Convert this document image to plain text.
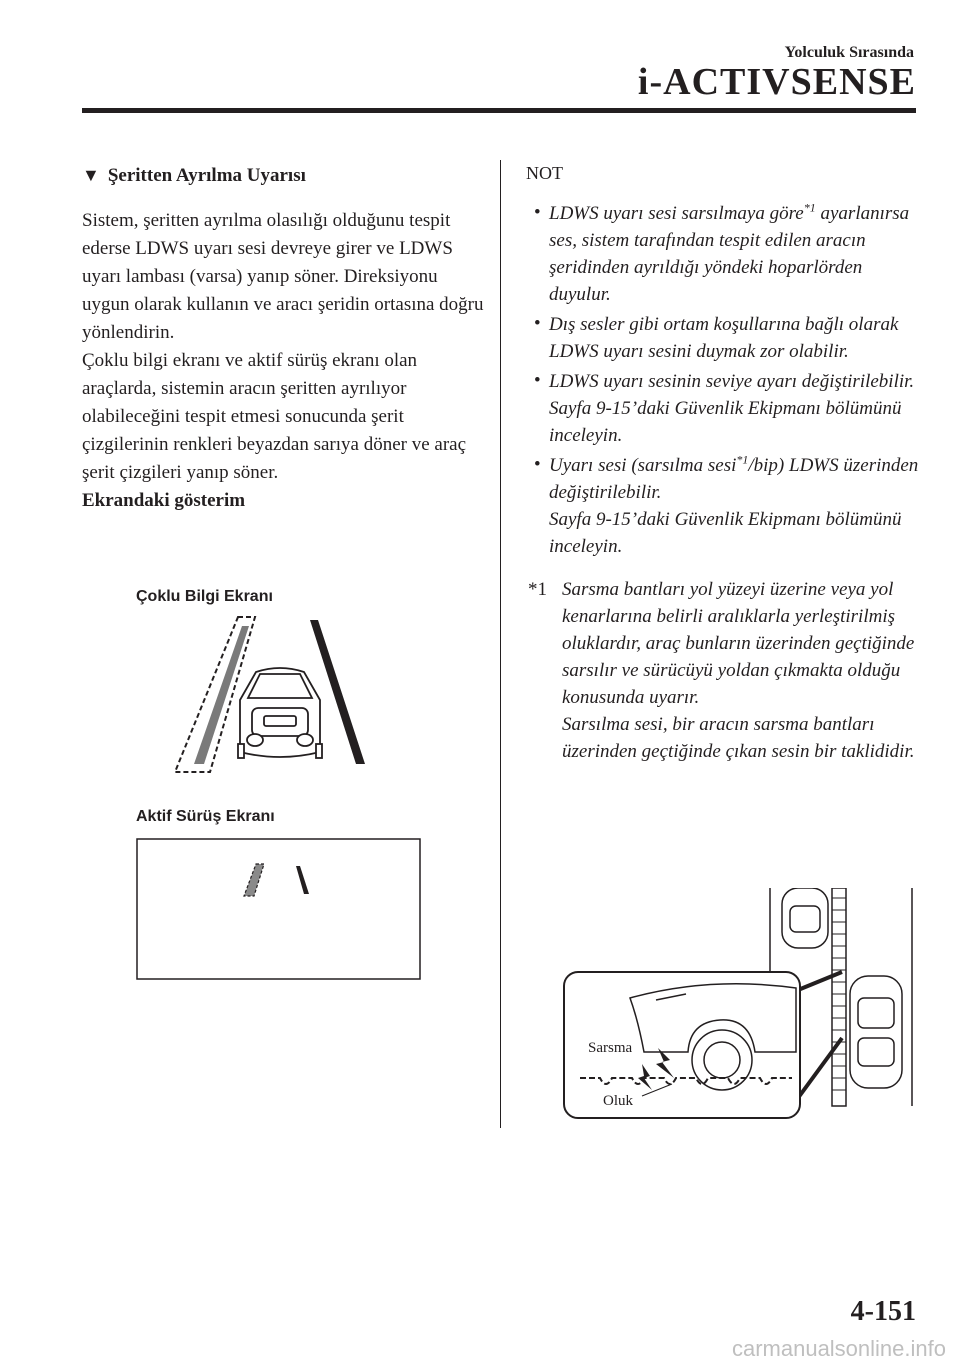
Yolculuk Sırasında
i-ACTIVSENSE

▼ Şeritten Ayrılma Uyarısı

Sistem, şeritten ayrılma olasılığı olduğunu tespit ederse LDWS uyarı sesi devreye girer ve LDWS uyarı lambası (varsa) yanıp söner. Direksiyonu uygun olarak kullanın ve aracı şeridin ortasına doğru yönlendirin.

Çoklu bilgi ekranı ve aktif sürüş ekranı olan araçlarda, sistemin aracın şeritten ayrılıyor olabileceğini tespit etmesi sonucunda şerit çizgilerinin renkleri beyazdan sarıya döner ve araç şerit çizgileri yanıp söner.

Ekrandaki gösterim

Çoklu Bilgi Ekranı
Aktif Sürüş Ekranı

NOT

• LDWS uyarı sesi sarsılmaya göre$^{*1}$ ayarlanırsa ses, sistem tarafından tespit edilen aracın şeridinden ayrıldığı yöndeki hoparlörden duyulur.
• Dış sesler gibi ortam koşullarına bağlı olarak LDWS uyarı sesini duymak zor olabilir.
• LDWS uyarı sesinin seviye ayarı değiştirilebilir.
Sayfa 9-15’daki Güvenlik Ekipmanı bölümünü inceleyin.
• Uyarı sesi (sarsılma sesi$^{*1}$/bip) LDWS üzerinden değiştirilebilir.
Sayfa 9-15’daki Güvenlik Ekipmanı bölümünü inceleyin.
*1 Sarsma bantları yol yüzeyi üzerine veya yol kenarlarına belirli aralıklarla yerleştirilmiş oluklardır, araç bunların üzerinden geçtiğinde sarsılır ve sürücüyü yoldan çıkmakta olduğu konusunda uyarır.
Sarsılma sesi, bir aracın sarsma bantları üzerinden geçtiğinde çıkan sesin bir taklididir.
Sarsma
Oluk
4-151
carmanualsonline.info
